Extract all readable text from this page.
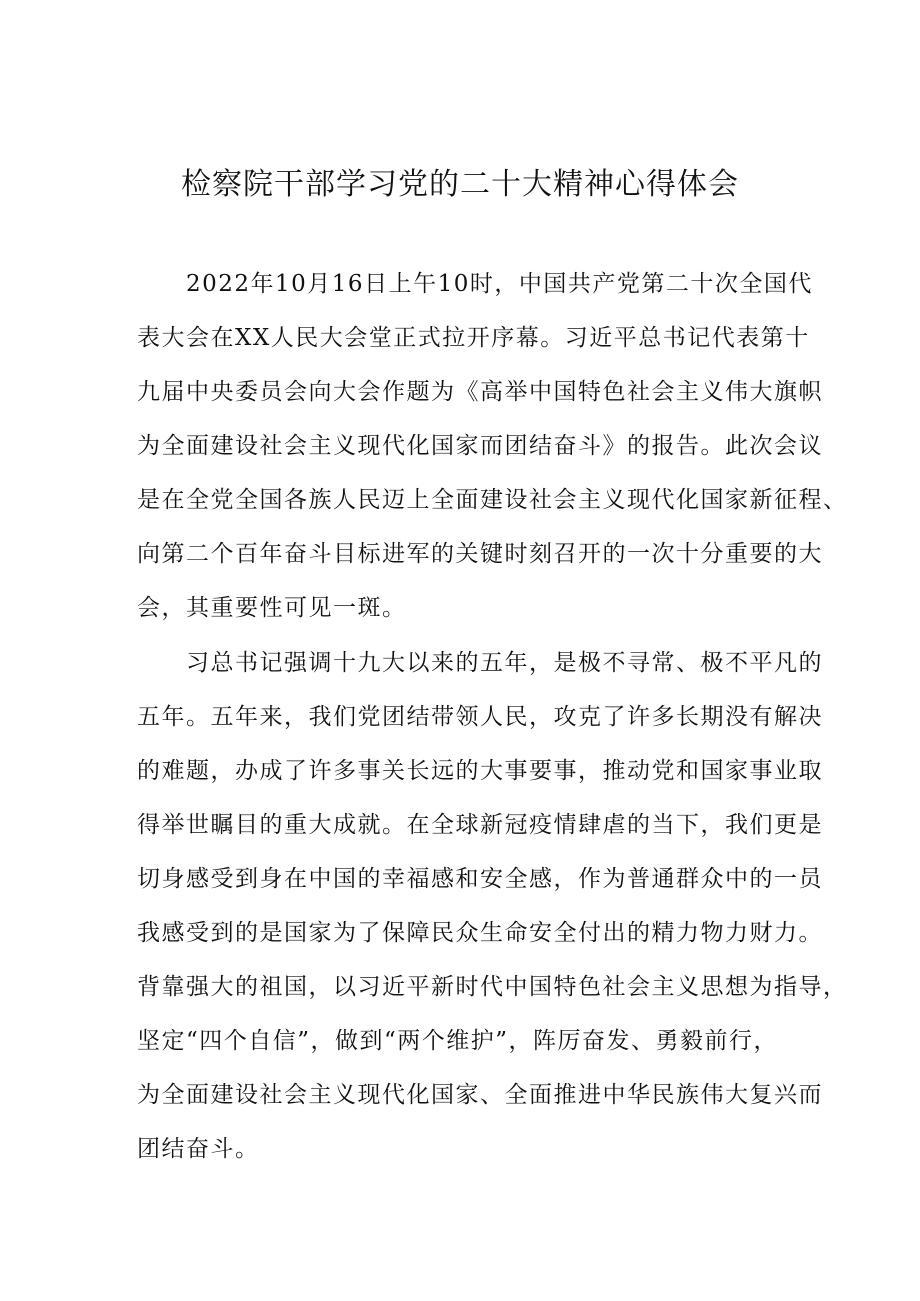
检察院干部学习党的二十大精神心得体会
2022年10月16日上午10时，中国共产党第二十次全国代
表大会在XX人民大会堂正式拉开序幕。习近平总书记代表第十
九届中央委员会向大会作题为《高举中国特色社会主义伟大旗帜
为全面建设社会主义现代化国家而团结奋斗》的报告。此次会议
是在全党全国各族人民迈上全面建设社会主义现代化国家新征程、
向第二个百年奋斗目标进军的关键时刻召开的一次十分重要的大
会，其重要性可见一斑。
习总书记强调十九大以来的五年，是极不寻常、极不平凡的
五年。五年来，我们党团结带领人民，攻克了许多长期没有解决
的难题，办成了许多事关长远的大事要事，推动党和国家事业取
得举世瞩目的重大成就。在全球新冠疫情肆虐的当下，我们更是
切身感受到身在中国的幸福感和安全感，作为普通群众中的一员
我感受到的是国家为了保障民众生命安全付出的精力物力财力。
背靠强大的祖国，以习近平新时代中国特色社会主义思想为指导，
坚定“四个自信”，做到“两个维护”，阵厉奋发、勇毅前行，
为全面建设社会主义现代化国家、全面推进中华民族伟大复兴而
团结奋斗。
